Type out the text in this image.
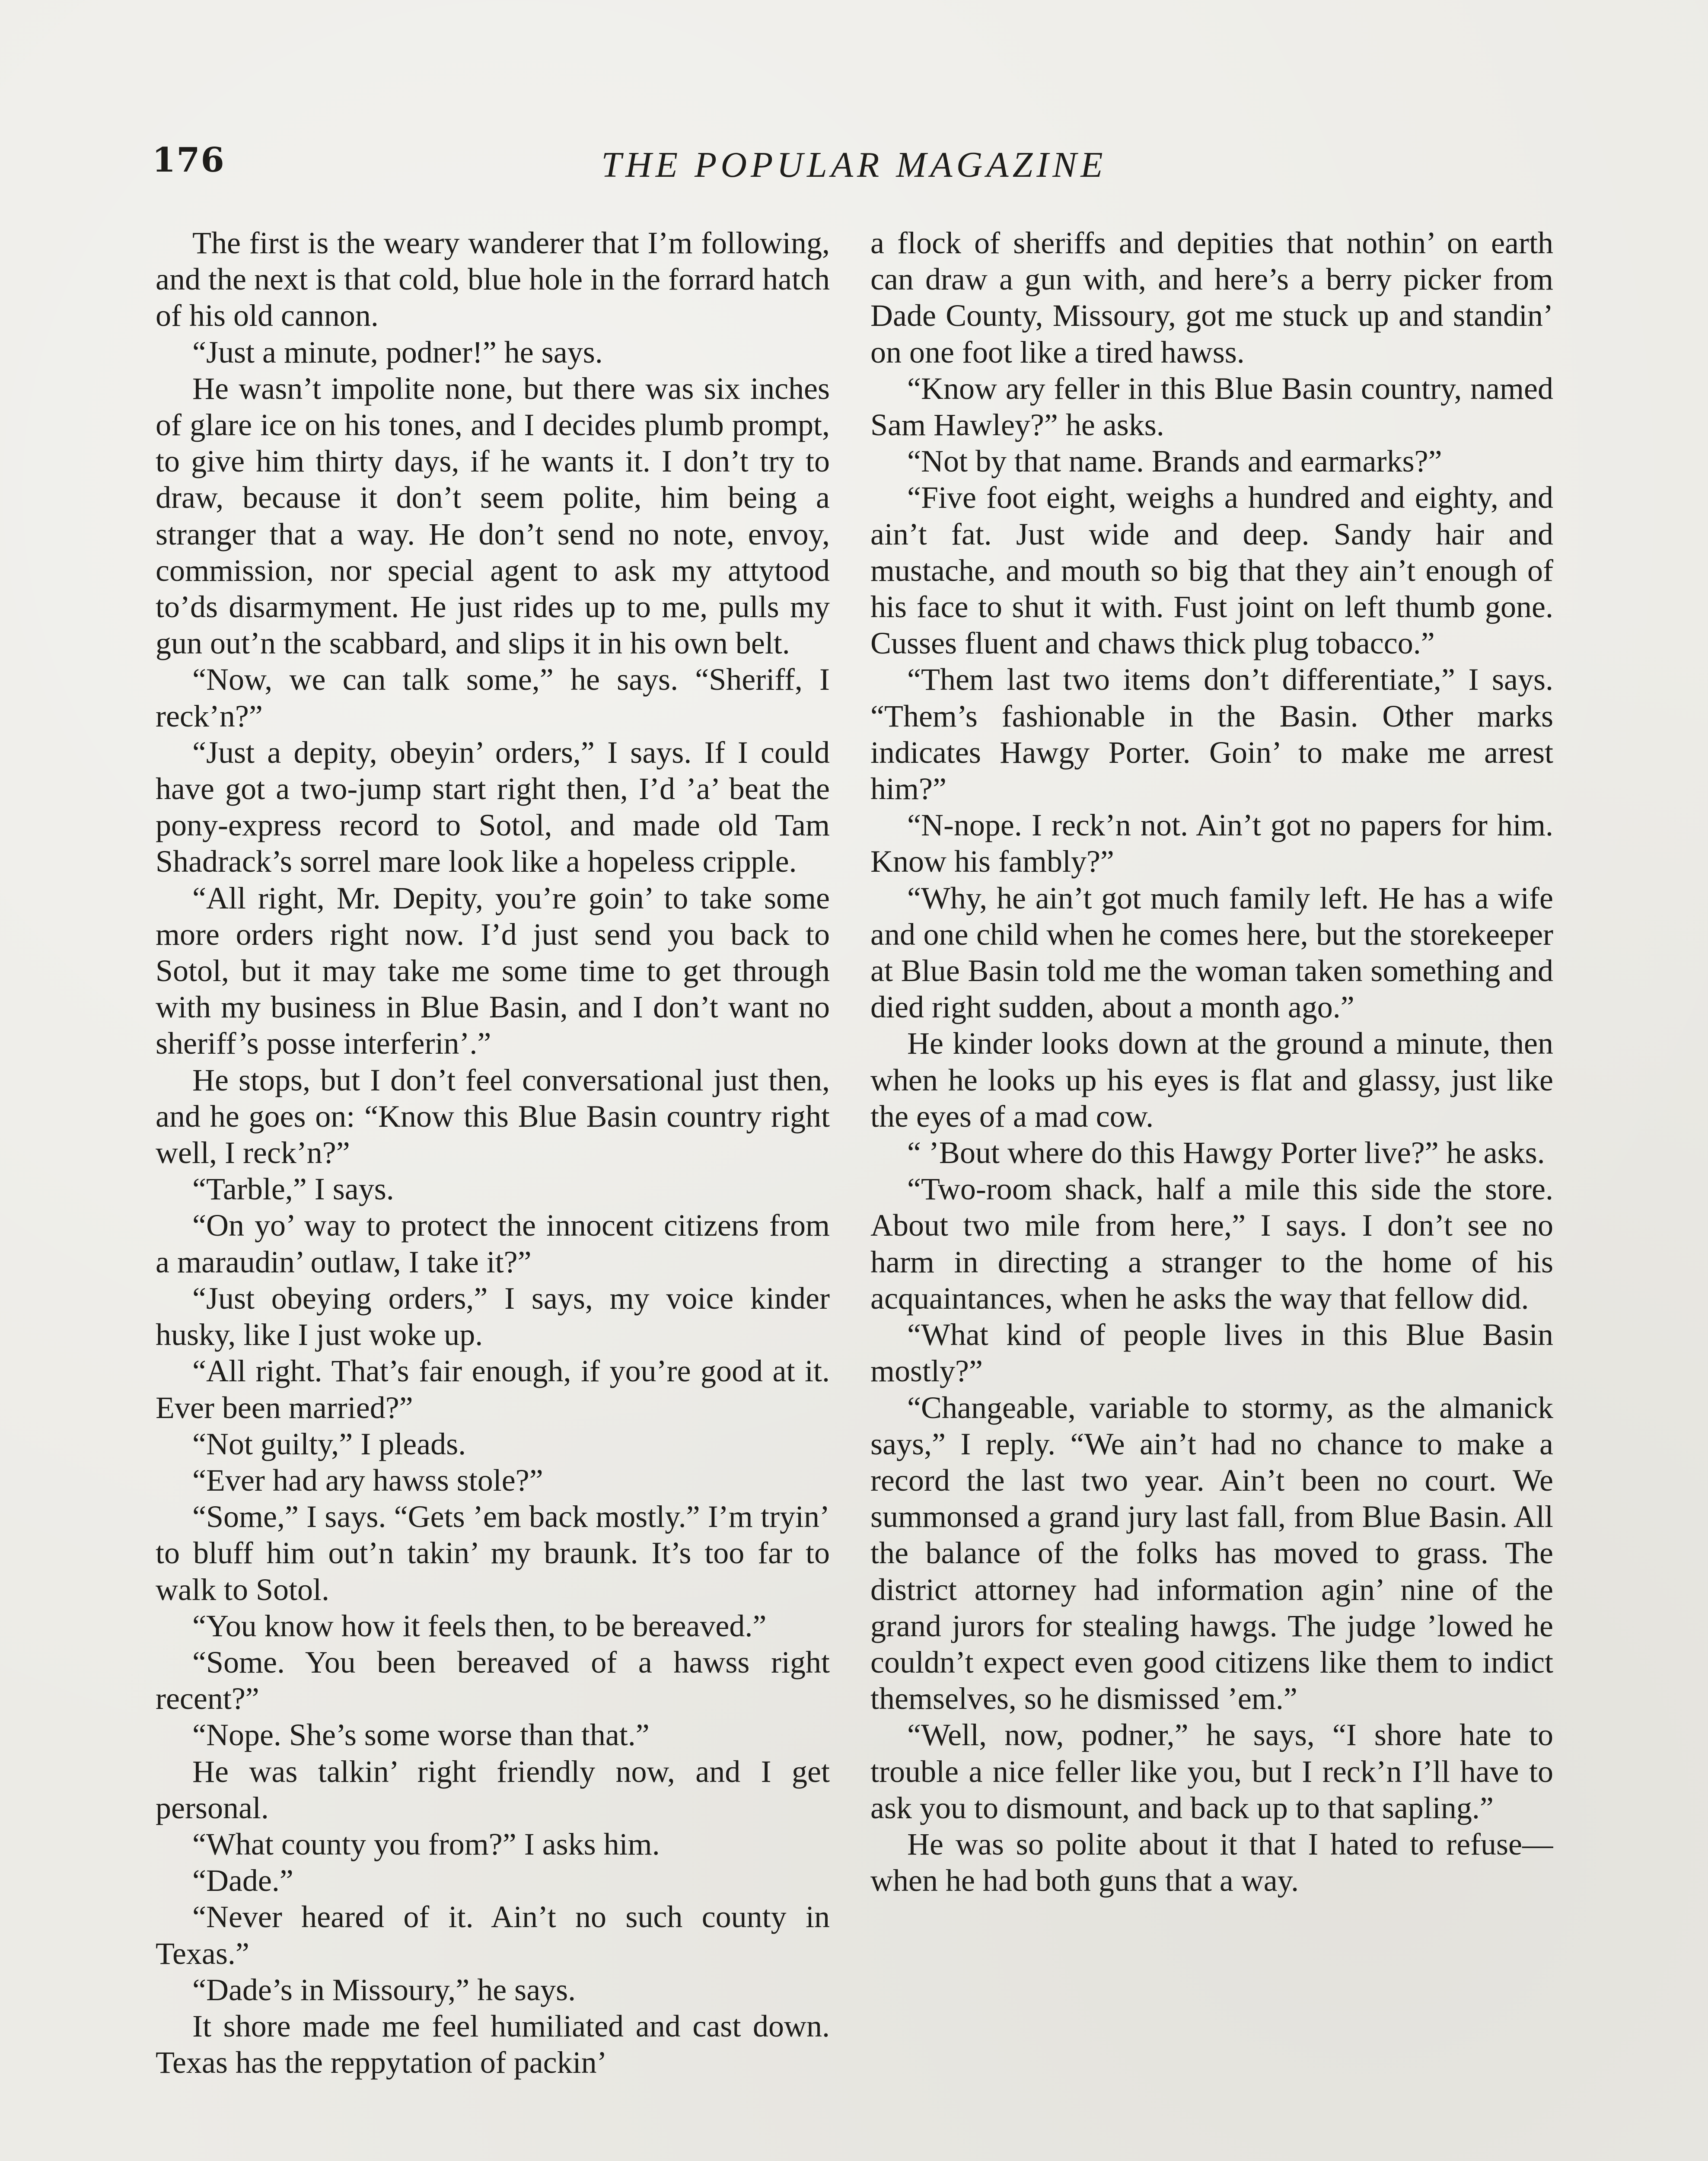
176	THE POPULAR MAGAZINE

The first is the weary wanderer that I’m following, and the next is that cold, blue hole in the forrard hatch of his old cannon.

“Just a minute, podner!” he says.

He wasn’t impolite none, but there was six inches of glare ice on his tones, and I decides plumb prompt, to give him thirty days, if he wants it. I don’t try to draw, because it don’t seem polite, him being a stranger that a way. He don’t send no note, envoy, commission, nor special agent to ask my attytood to’ds disarmyment. He just rides up to me, pulls my gun out’n the scabbard, and slips it in his own belt.

“Now, we can talk some,” he says. “Sheriff, I reck’n?”

“Just a depity, obeyin’ orders,” I says. If I could have got a two-jump start right then, I’d ’a’ beat the pony-express record to Sotol, and made old Tam Shadrack’s sorrel mare look like a hopeless cripple.

“All right, Mr. Depity, you’re goin’ to take some more orders right now. I’d just send you back to Sotol, but it may take me some time to get through with my business in Blue Basin, and I don’t want no sheriff’s posse interferin’.”

He stops, but I don’t feel conversational just then, and he goes on: “Know this Blue Basin country right well, I reck’n?”

“Tarble,” I says.

“On yo’ way to protect the innocent citizens from a maraudin’ outlaw, I take it?”

“Just obeying orders,” I says, my voice kinder husky, like I just woke up.

“All right. That’s fair enough, if you’re good at it. Ever been married?”

“Not guilty,” I pleads.

“Ever had ary hawss stole?”

“Some,” I says. “Gets ’em back mostly.” I’m tryin’ to bluff him out’n takin’ my braunk. It’s too far to walk to Sotol.

“You know how it feels then, to be bereaved.”

“Some. You been bereaved of a hawss right recent?”

“Nope. She’s some worse than that.”

He was talkin’ right friendly now, and I get personal.

“What county you from?” I asks him.

“Dade.”

“Never heared of it. Ain’t no such county in Texas.”

“Dade’s in Missoury,” he says.

It shore made me feel humiliated and cast down. Texas has the reppytation of packin’

a flock of sheriffs and depities that nothin’ on earth can draw a gun with, and here’s a berry picker from Dade County, Missoury, got me stuck up and standin’ on one foot like a tired hawss.

“Know ary feller in this Blue Basin country, named Sam Hawley?” he asks.

“Not by that name. Brands and earmarks?”

“Five foot eight, weighs a hundred and eighty, and ain’t fat. Just wide and deep. Sandy hair and mustache, and mouth so big that they ain’t enough of his face to shut it with. Fust joint on left thumb gone. Cusses fluent and chaws thick plug tobacco.”

“Them last two items don’t differentiate,” I says. “Them’s fashionable in the Basin. Other marks indicates Hawgy Porter. Goin’ to make me arrest him?”

“N-nope. I reck’n not. Ain’t got no papers for him. Know his fambly?”

“Why, he ain’t got much family left. He has a wife and one child when he comes here, but the storekeeper at Blue Basin told me the woman taken something and died right sudden, about a month ago.”

He kinder looks down at the ground a minute, then when he looks up his eyes is flat and glassy, just like the eyes of a mad cow.

“ ’Bout where do this Hawgy Porter live?” he asks.

“Two-room shack, half a mile this side the store. About two mile from here,” I says. I don’t see no harm in directing a stranger to the home of his acquaintances, when he asks the way that fellow did.

“What kind of people lives in this Blue Basin mostly?”

“Changeable, variable to stormy, as the almanick says,” I reply. “We ain’t had no chance to make a record the last two year. Ain’t been no court. We summonsed a grand jury last fall, from Blue Basin. All the balance of the folks has moved to grass. The district attorney had information agin’ nine of the grand jurors for stealing hawgs. The judge ’lowed he couldn’t expect even good citizens like them to indict themselves, so he dismissed ’em.”

“Well, now, podner,” he says, “I shore hate to trouble a nice feller like you, but I reck’n I’ll have to ask you to dismount, and back up to that sapling.”

He was so polite about it that I hated to refuse—when he had both guns that a way.
